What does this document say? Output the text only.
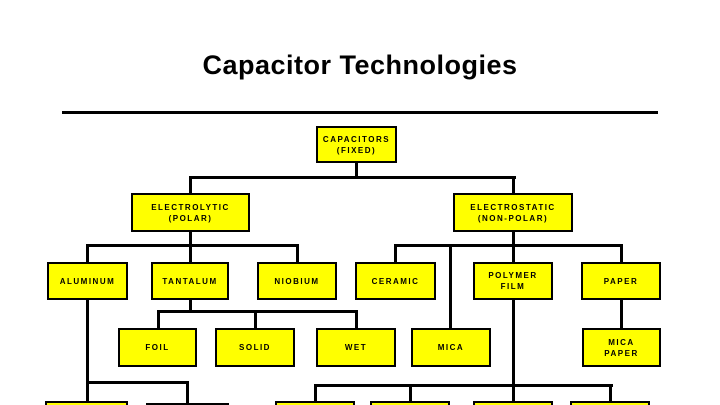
Capacitor Technologies
CAPACITORS
(FIXED)
ELECTROLYTIC
(POLAR)
ELECTROSTATIC
(NON-POLAR)
ALUMINUM	TANTALUM	NIOBIUM	CERAMIC
POLYMER
FILM
PAPER
FOIL	SOLID	WET	MICA
MICA
PAPER
